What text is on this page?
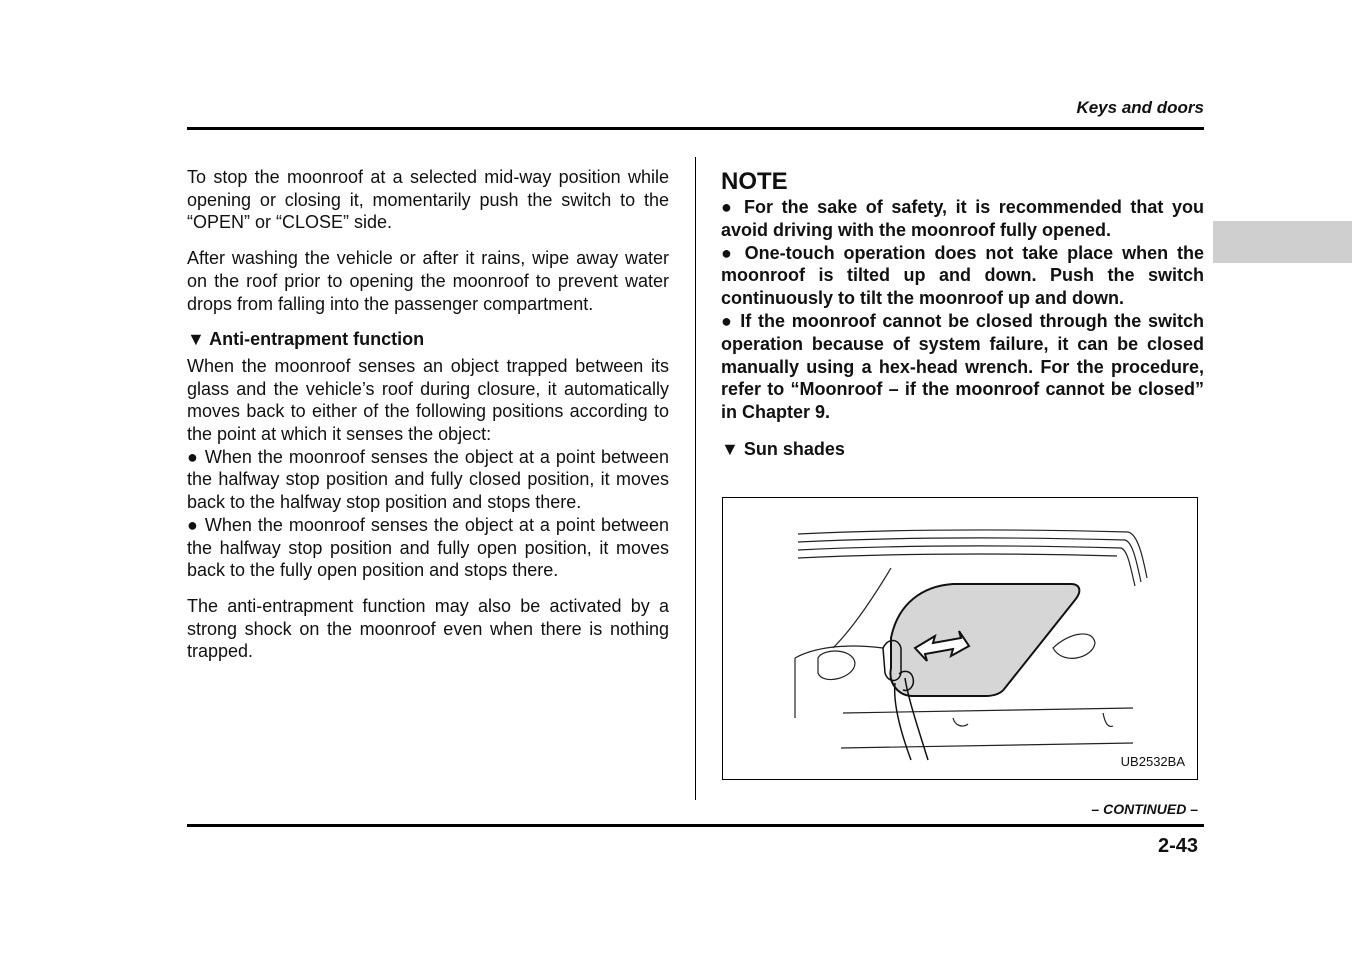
Keys and doors

To stop the moonroof at a selected mid-way position while opening or closing it, momentarily push the switch to the “OPEN” or “CLOSE” side.

After washing the vehicle or after it rains, wipe away water on the roof prior to opening the moonroof to prevent water drops from falling into the passenger compartment.

▼ Anti-entrapment function

When the moonroof senses an object trapped between its glass and the vehicle’s roof during closure, it automatically moves back to either of the following positions according to the point at which it senses the object:

● When the moonroof senses the object at a point between the halfway stop position and fully closed position, it moves back to the halfway stop position and stops there.

● When the moonroof senses the object at a point between the halfway stop position and fully open position, it moves back to the fully open position and stops there.

The anti-entrapment function may also be activated by a strong shock on the moonroof even when there is nothing trapped.

NOTE

● For the sake of safety, it is recommended that you avoid driving with the moonroof fully opened.

● One-touch operation does not take place when the moonroof is tilted up and down. Push the switch continuously to tilt the moonroof up and down.

● If the moonroof cannot be closed through the switch operation because of system failure, it can be closed manually using a hex-head wrench. For the procedure, refer to “Moonroof – if the moonroof cannot be closed” in Chapter 9.

▼ Sun shades

UB2532BA
– CONTINUED –
2-43
